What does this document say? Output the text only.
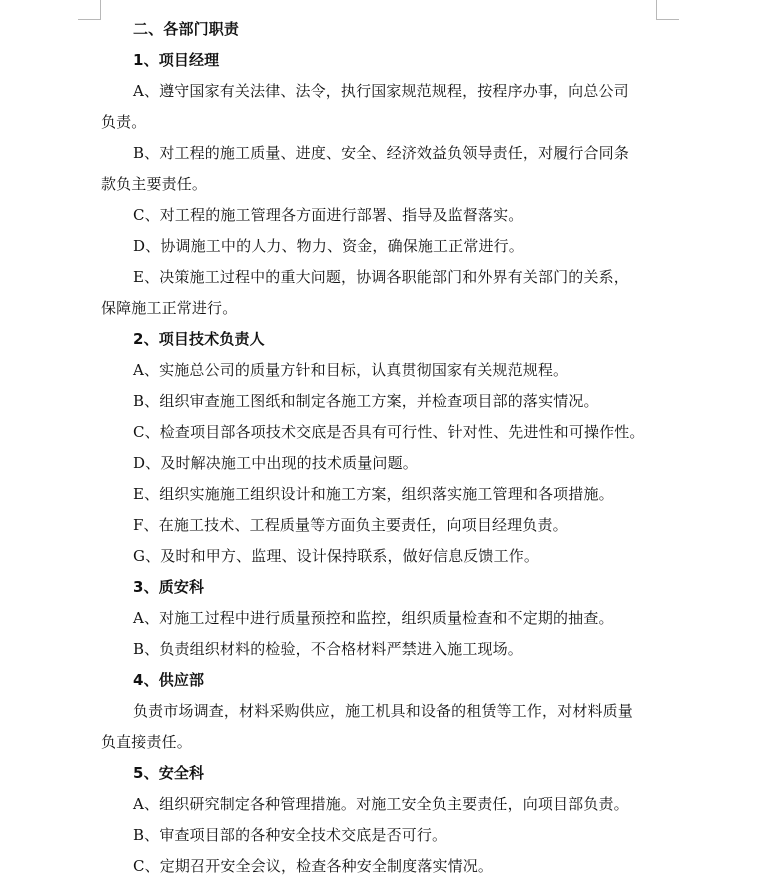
二、各部门职责
1、项目经理
A、遵守国家有关法律、法令，执行国家规范规程，按程序办事，向总公司
负责。
B、对工程的施工质量、进度、安全、经济效益负领导责任，对履行合同条
款负主要责任。
C、对工程的施工管理各方面进行部署、指导及监督落实。
D、协调施工中的人力、物力、资金，确保施工正常进行。
E、决策施工过程中的重大问题，协调各职能部门和外界有关部门的关系，
保障施工正常进行。
2、项目技术负责人
A、实施总公司的质量方针和目标，认真贯彻国家有关规范规程。
B、组织审查施工图纸和制定各施工方案，并检查项目部的落实情况。
C、检查项目部各项技术交底是否具有可行性、针对性、先进性和可操作性。
D、及时解决施工中出现的技术质量问题。
E、组织实施施工组织设计和施工方案，组织落实施工管理和各项措施。
F、在施工技术、工程质量等方面负主要责任，向项目经理负责。
G、及时和甲方、监理、设计保持联系，做好信息反馈工作。
3、质安科
A、对施工过程中进行质量预控和监控，组织质量检查和不定期的抽查。
B、负责组织材料的检验，不合格材料严禁进入施工现场。
4、供应部
负责市场调查，材料采购供应，施工机具和设备的租赁等工作，对材料质量
负直接责任。
5、安全科
A、组织研究制定各种管理措施。对施工安全负主要责任，向项目部负责。
B、审查项目部的各种安全技术交底是否可行。
C、定期召开安全会议，检查各种安全制度落实情况。
